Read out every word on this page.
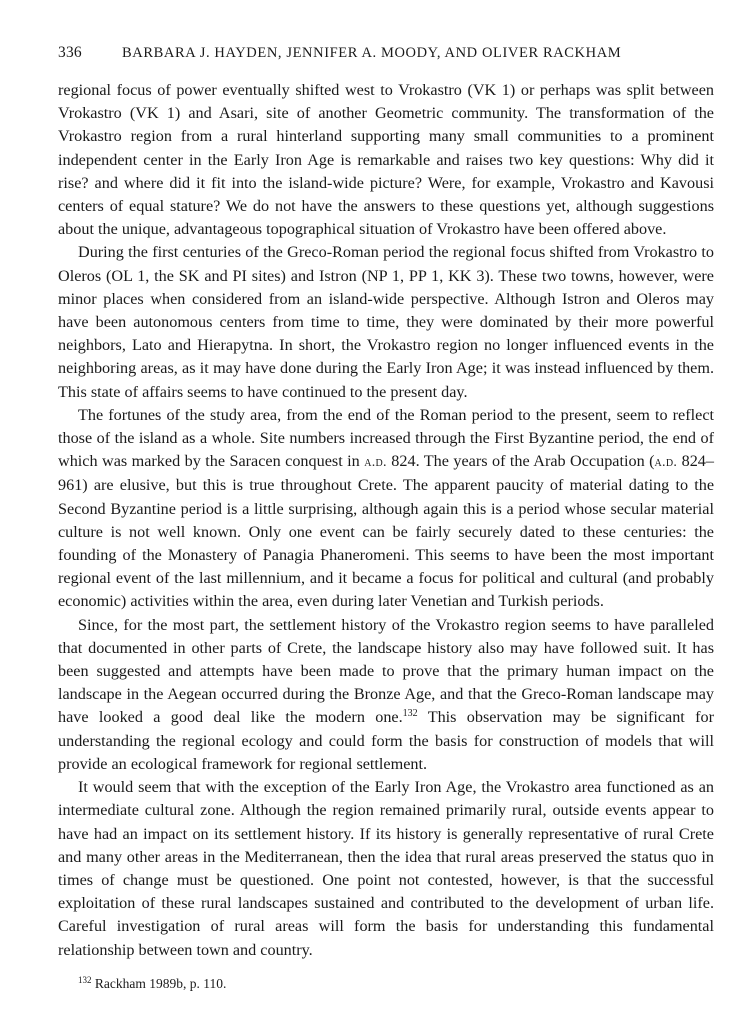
336	BARBARA J. HAYDEN, JENNIFER A. MOODY, AND OLIVER RACKHAM

regional focus of power eventually shifted west to Vrokastro (VK 1) or perhaps was split between Vrokastro (VK 1) and Asari, site of another Geometric community. The transformation of the Vrokastro region from a rural hinterland supporting many small communities to a prominent independent center in the Early Iron Age is remarkable and raises two key questions: Why did it rise? and where did it fit into the island-wide picture? Were, for example, Vrokastro and Kavousi centers of equal stature? We do not have the answers to these questions yet, although suggestions about the unique, advantageous topographical situation of Vrokastro have been offered above.

During the first centuries of the Greco-Roman period the regional focus shifted from Vrokastro to Oleros (OL 1, the SK and PI sites) and Istron (NP 1, PP 1, KK 3). These two towns, however, were minor places when considered from an island-wide perspective. Although Istron and Oleros may have been autonomous centers from time to time, they were dominated by their more powerful neighbors, Lato and Hierapytna. In short, the Vrokastro region no longer influenced events in the neighboring areas, as it may have done during the Early Iron Age; it was instead influenced by them. This state of affairs seems to have continued to the present day.

The fortunes of the study area, from the end of the Roman period to the present, seem to reflect those of the island as a whole. Site numbers increased through the First Byzantine period, the end of which was marked by the Saracen conquest in a.d. 824. The years of the Arab Occupation (a.d. 824–961) are elusive, but this is true throughout Crete. The apparent paucity of material dating to the Second Byzantine period is a little surprising, although again this is a period whose secular material culture is not well known. Only one event can be fairly securely dated to these centuries: the founding of the Monastery of Panagia Phaneromeni. This seems to have been the most important regional event of the last millennium, and it became a focus for political and cultural (and probably economic) activities within the area, even during later Venetian and Turkish periods.

Since, for the most part, the settlement history of the Vrokastro region seems to have paralleled that documented in other parts of Crete, the landscape history also may have followed suit. It has been suggested and attempts have been made to prove that the primary human impact on the landscape in the Aegean occurred during the Bronze Age, and that the Greco-Roman landscape may have looked a good deal like the modern one.$^{132}$ This observation may be significant for understanding the regional ecology and could form the basis for construction of models that will provide an ecological framework for regional settlement.

It would seem that with the exception of the Early Iron Age, the Vrokastro area functioned as an intermediate cultural zone. Although the region remained primarily rural, outside events appear to have had an impact on its settlement history. If its history is generally representative of rural Crete and many other areas in the Mediterranean, then the idea that rural areas preserved the status quo in times of change must be questioned. One point not contested, however, is that the successful exploitation of these rural landscapes sustained and contributed to the development of urban life. Careful investigation of rural areas will form the basis for understanding this fundamental relationship between town and country.

$^{132}$ Rackham 1989b, p. 110.
